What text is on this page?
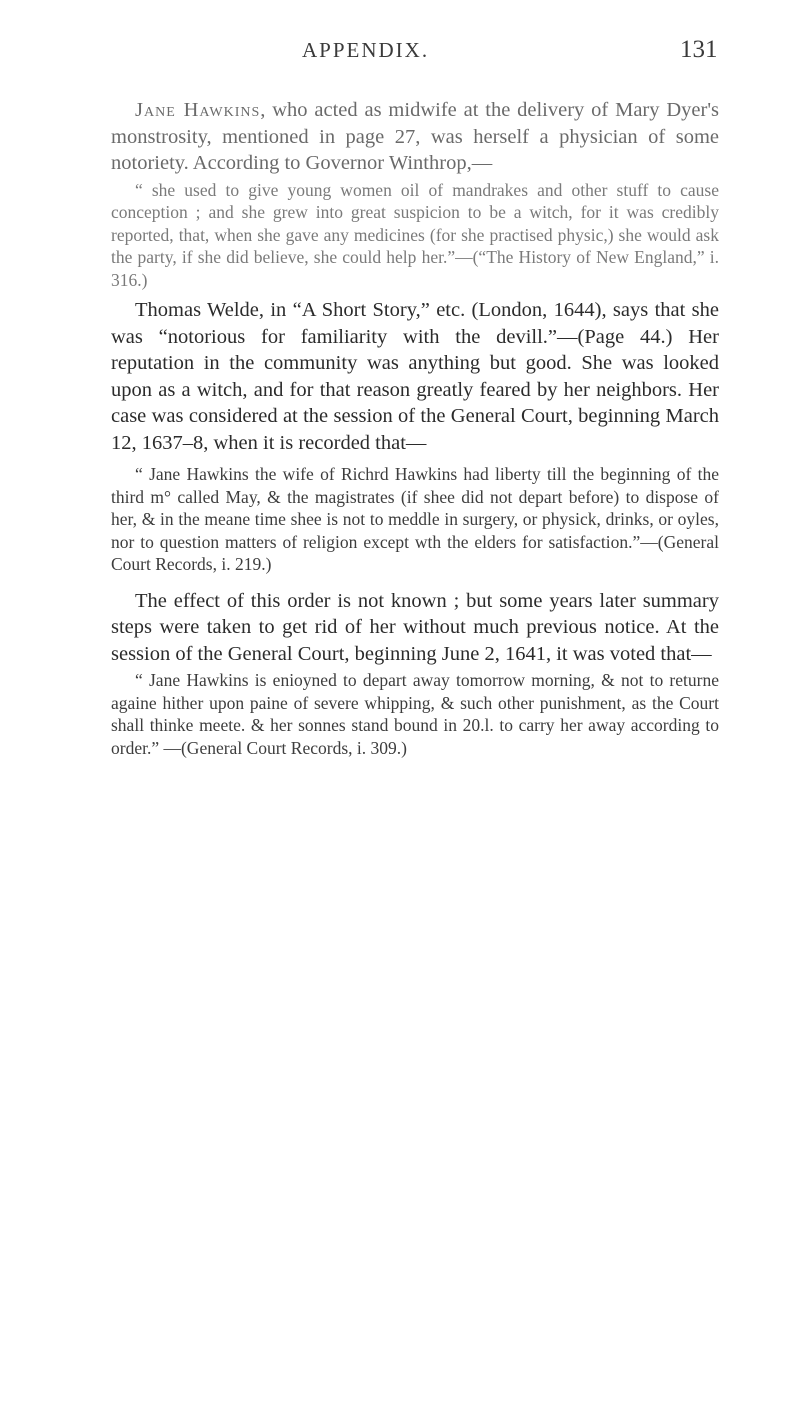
APPENDIX.	131

Jane Hawkins, who acted as midwife at the delivery of Mary Dyer's monstrosity, mentioned in page 27, was herself a physician of some notoriety. According to Governor Winthrop,—

“ she used to give young women oil of mandrakes and other stuff to cause conception ; and she grew into great suspicion to be a witch, for it was credibly reported, that, when she gave any medicines (for she practised physic,) she would ask the party, if she did believe, she could help her.”—(“The History of New England,” i. 316.)

Thomas Welde, in “A Short Story,” etc. (London, 1644), says that she was “notorious for familiarity with the devill.”—(Page 44.) Her reputation in the community was anything but good. She was looked upon as a witch, and for that reason greatly feared by her neighbors. Her case was considered at the session of the General Court, beginning March 12, 1637–8, when it is recorded that—

“ Jane Hawkins the wife of Richrd Hawkins had liberty till the beginning of the third m° called May, & the magistrates (if shee did not depart before) to dispose of her, & in the meane time shee is not to meddle in surgery, or physick, drinks, or oyles, nor to question matters of religion except wth the elders for satisfaction.”—(General Court Records, i. 219.)

The effect of this order is not known ; but some years later summary steps were taken to get rid of her without much previous notice. At the session of the General Court, beginning June 2, 1641, it was voted that—

“ Jane Hawkins is enioyned to depart away tomorrow morning, & not to returne againe hither upon paine of severe whipping, & such other punishment, as the Court shall thinke meete. & her sonnes stand bound in 20.l. to carry her away according to order.” —(General Court Records, i. 309.)
